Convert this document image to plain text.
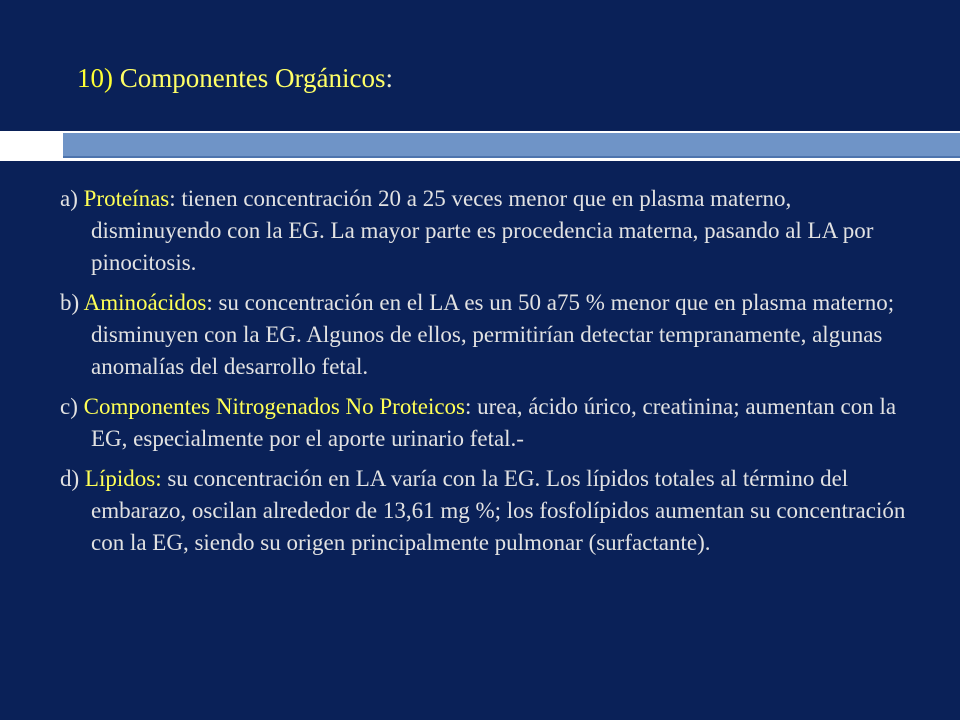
10) Componentes Orgánicos:

a) Proteínas: tienen concentración 20 a 25 veces menor que en plasma materno, disminuyendo con la EG. La mayor parte es procedencia materna, pasando al LA por pinocitosis.

b) Aminoácidos: su concentración en el LA es un 50 a75 % menor que en plasma materno; disminuyen con la EG. Algunos de ellos, permitirían detectar tempranamente, algunas anomalías del desarrollo fetal.

c) Componentes Nitrogenados No Proteicos: urea, ácido úrico, creatinina; aumentan con la EG, especialmente por el aporte urinario fetal.-

d) Lípidos: su concentración en LA varía con la EG. Los lípidos totales al término del embarazo, oscilan alrededor de 13,61 mg %; los fosfolípidos aumentan su concentración con la EG, siendo su origen principalmente pulmonar (surfactante).
